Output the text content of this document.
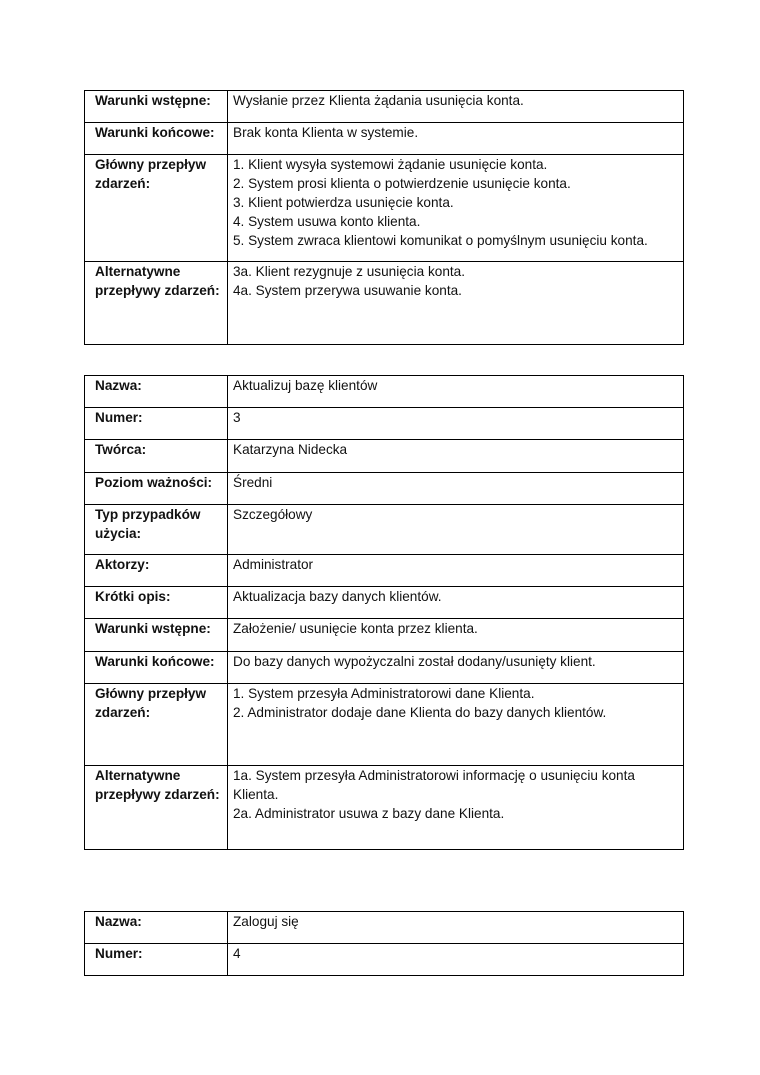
Warunki wstępne:	Wysłanie przez Klienta żądania usunięcia konta.

Warunki końcowe:	Brak konta Klienta w systemie.

Główny przepływ
zdarzeń:	1. Klient wysyła systemowi żądanie usunięcie konta.
2. System prosi klienta o potwierdzenie usunięcie konta.
3. Klient potwierdza usunięcie konta.
4. System usuwa konto klienta.
5. System zwraca klientowi komunikat o pomyślnym usunięciu konta.

Alternatywne
przepływy zdarzeń:	3a. Klient rezygnuje z usunięcia konta.
4a. System przerywa usuwanie konta.
Nazwa:	Aktualizuj bazę klientów

Numer:	3

Twórca:	Katarzyna Nidecka

Poziom ważności:	Średni

Typ przypadków
użycia:	Szczegółowy

Aktorzy:	Administrator

Krótki opis:	Aktualizacja bazy danych klientów.

Warunki wstępne:	Założenie/ usunięcie konta przez klienta.

Warunki końcowe:	Do bazy danych wypożyczalni został dodany/usunięty klient.

Główny przepływ
zdarzeń:	1. System przesyła Administratorowi dane Klienta.
2. Administrator dodaje dane Klienta do bazy danych klientów.

Alternatywne
przepływy zdarzeń:	1a. System przesyła Administratorowi informację o usunięciu konta Klienta.
2a. Administrator usuwa z bazy dane Klienta.
Nazwa:	Zaloguj się

Numer:	4
